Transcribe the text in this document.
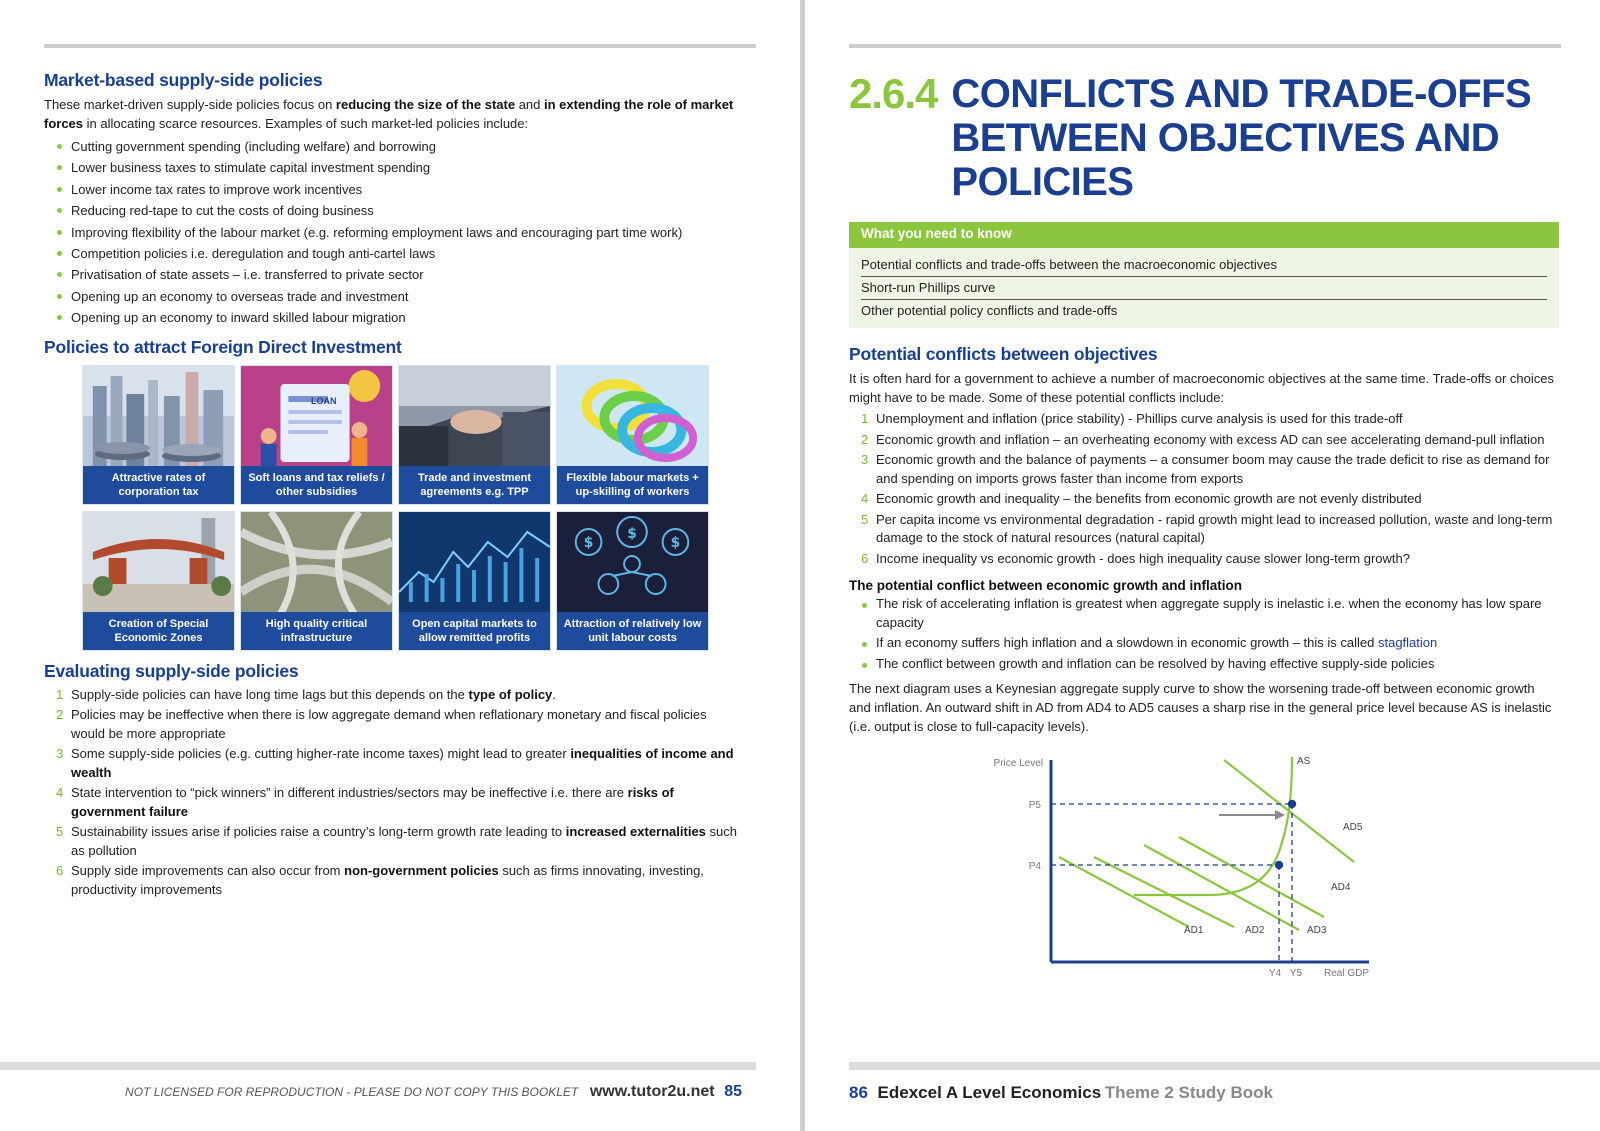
Market-based supply-side policies

These market-driven supply-side policies focus on reducing the size of the state and in extending the role of market forces in allocating scarce resources. Examples of such market-led policies include:

Cutting government spending (including welfare) and borrowing
Lower business taxes to stimulate capital investment spending
Lower income tax rates to improve work incentives
Reducing red-tape to cut the costs of doing business
Improving flexibility of the labour market (e.g. reforming employment laws and encouraging part time work)
Competition policies i.e. deregulation and tough anti-cartel laws
Privatisation of state assets – i.e. transferred to private sector
Opening up an economy to overseas trade and investment
Opening up an economy to inward skilled labour migration
Policies to attract Foreign Direct Investment
Attractive rates of corporation tax
LOAN
Soft loans and tax reliefs / other subsidies
Trade and investment agreements e.g. TPP
Flexible labour markets + up-skilling of workers
Creation of Special Economic Zones
High quality critical infrastructure
Open capital markets to allow remitted profits
$
$
$
Attraction of relatively low unit labour costs
Evaluating supply-side policies
1 Supply-side policies can have long time lags but this depends on the type of policy.
2 Policies may be ineffective when there is low aggregate demand when reflationary monetary and fiscal policies would be more appropriate
3 Some supply-side policies (e.g. cutting higher-rate income taxes) might lead to greater inequalities of income and wealth
4 State intervention to “pick winners” in different industries/sectors may be ineffective i.e. there are risks of government failure
5 Sustainability issues arise if policies raise a country’s long-term growth rate leading to increased externalities such as pollution
6 Supply side improvements can also occur from non-government policies such as firms innovating, investing, productivity improvements
NOT LICENSED FOR REPRODUCTION - PLEASE DO NOT COPY THIS BOOKLET www.tutor2u.net 85
2.6.4 CONFLICTS AND TRADE-OFFS BETWEEN OBJECTIVES AND POLICIES
What you need to know
Potential conflicts and trade-offs between the macroeconomic objectives
Short-run Phillips curve
Other potential policy conflicts and trade-offs
Potential conflicts between objectives

It is often hard for a government to achieve a number of macroeconomic objectives at the same time. Trade-offs or choices might have to be made. Some of these potential conflicts include:

1 Unemployment and inflation (price stability) - Phillips curve analysis is used for this trade-off
2 Economic growth and inflation – an overheating economy with excess AD can see accelerating demand-pull inflation
3 Economic growth and the balance of payments – a consumer boom may cause the trade deficit to rise as demand for and spending on imports grows faster than income from exports
4 Economic growth and inequality – the benefits from economic growth are not evenly distributed
5 Per capita income vs environmental degradation - rapid growth might lead to increased pollution, waste and long-term damage to the stock of natural resources (natural capital)
6 Income inequality vs economic growth - does high inequality cause slower long-term growth?
The potential conflict between economic growth and inflation
The risk of accelerating inflation is greatest when aggregate supply is inelastic i.e. when the economy has low spare capacity
If an economy suffers high inflation and a slowdown in economic growth – this is called stagflation
The conflict between growth and inflation can be resolved by having effective supply-side policies

The next diagram uses a Keynesian aggregate supply curve to show the worsening trade-off between economic growth and inflation. An outward shift in AD from AD4 to AD5 causes a sharp rise in the general price level because AS is inelastic (i.e. output is close to full-capacity levels).

Price Level
Real GDP
AD1	AD2	AD3
AD4
AD5
AS
P5
P4
Y4 Y5
86 Edexcel A Level Economics Theme 2 Study Book
